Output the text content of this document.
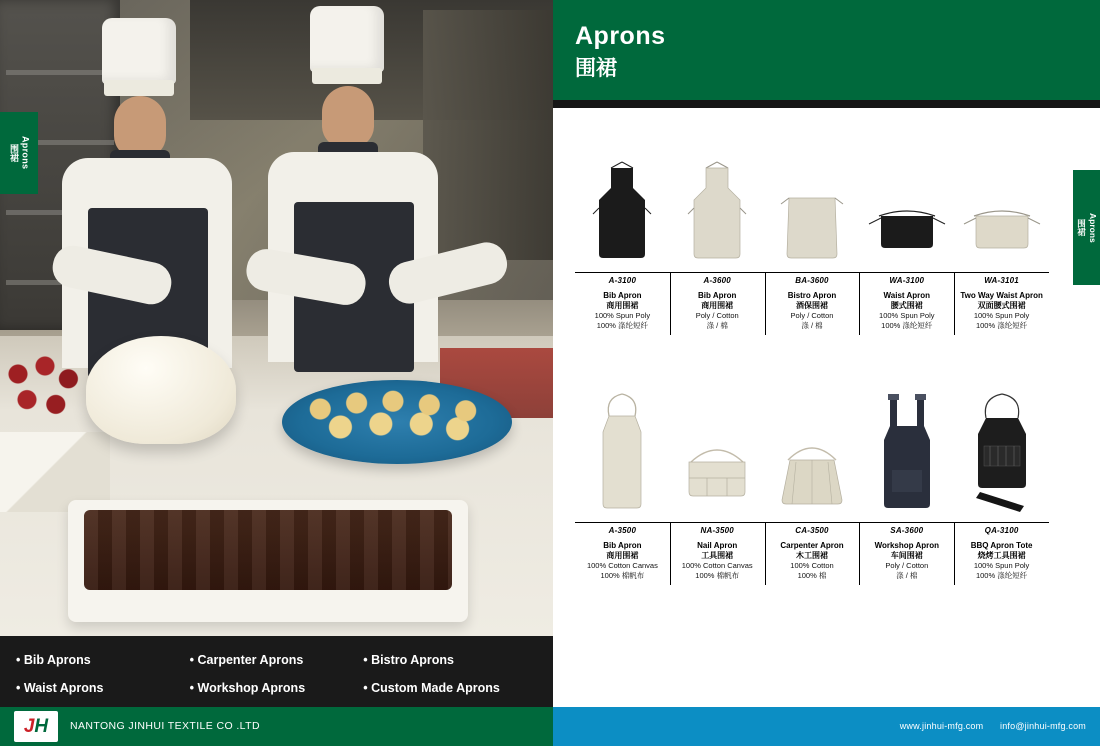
Aprons
围裙
• Bib Aprons
• Waist Aprons
• Carpenter Aprons
• Workshop Aprons
• Bistro Aprons
• Custom Made Aprons
Aprons
围裙
Aprons
围裙
A-3100
Bib Apron
商用围裙
100% Spun Poly
100% 涤纶短纤
A-3600
Bib Apron
商用围裙
Poly / Cotton
涤 / 棉
BA-3600
Bistro Apron
酒保围裙
Poly / Cotton
涤 / 棉
WA-3100
Waist Apron
腰式围裙
100% Spun Poly
100% 涤纶短纤
WA-3101
Two Way Waist Apron
双面腰式围裙
100% Spun Poly
100% 涤纶短纤
A-3500
Bib Apron
商用围裙
100% Cotton Canvas
100% 棉帆布
NA-3500
Nail Apron
工具围裙
100% Cotton Canvas
100% 棉帆布
CA-3500
Carpenter Apron
木工围裙
100% Cotton
100% 棉
SA-3600
Workshop Apron
车间围裙
Poly / Cotton
涤 / 棉
QA-3100
BBQ Apron Tote
烧烤工具围裙
100% Spun Poly
100% 涤纶短纤
J H NANTONG JINHUI TEXTILE CO .LTD	www.jinhui-mfg.com info@jinhui-mfg.com
